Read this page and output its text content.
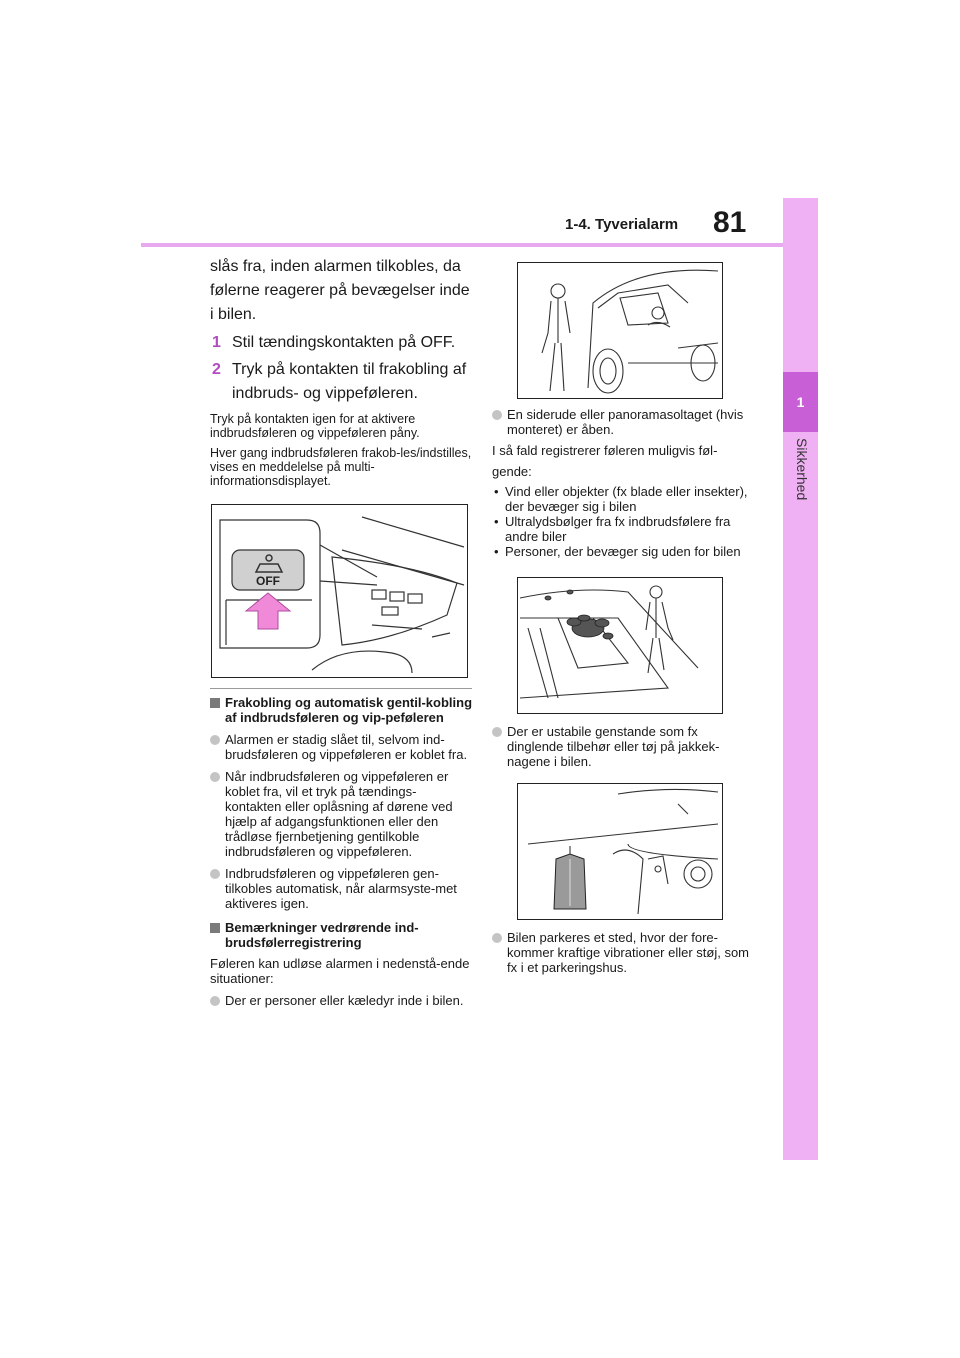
1-4. Tyverialarm 81
1
Sikkerhed

slås fra, inden alarmen tilkobles, da følerne reagerer på bevægelser inde i bilen.

1 Stil tændingskontakten på OFF.
2 Tryk på kontakten til frakobling af indbruds- og vippeføleren.

Tryk på kontakten igen for at aktivere indbrudsføleren og vippeføleren påny.

Hver gang indbrudsføleren frakob-les/indstilles, vises en meddelelse på multi-informationsdisplayet.

OFF
Frakobling og automatisk gentil-kobling af indbrudsføleren og vip-peføleren
Alarmen er stadig slået til, selvom ind-brudsføleren og vippeføleren er koblet fra.
Når indbrudsføleren og vippeføleren er koblet fra, vil et tryk på tændings-kontakten eller oplåsning af dørene ved hjælp af adgangsfunktionen eller den trådløse fjernbetjening gentilkoble indbrudsføleren og vippeføleren.
Indbrudsføleren og vippeføleren gen-tilkobles automatisk, når alarmsyste-met aktiveres igen.
Bemærkninger vedrørende ind-brudsfølerregistrering

Føleren kan udløse alarmen i nedenstå-ende situationer:

Der er personer eller kæledyr inde i bilen.
En siderude eller panoramasoltaget (hvis monteret) er åben.

I så fald registrerer føleren muligvis føl-gende:

• Vind eller objekter (fx blade eller insekter), der bevæger sig i bilen
• Ultralydsbølger fra fx indbrudsfølere fra andre biler
• Personer, der bevæger sig uden for bilen
Der er ustabile genstande som fx dinglende tilbehør eller tøj på jakkek-nagene i bilen.
Bilen parkeres et sted, hvor der fore-kommer kraftige vibrationer eller støj, som fx i et parkeringshus.
